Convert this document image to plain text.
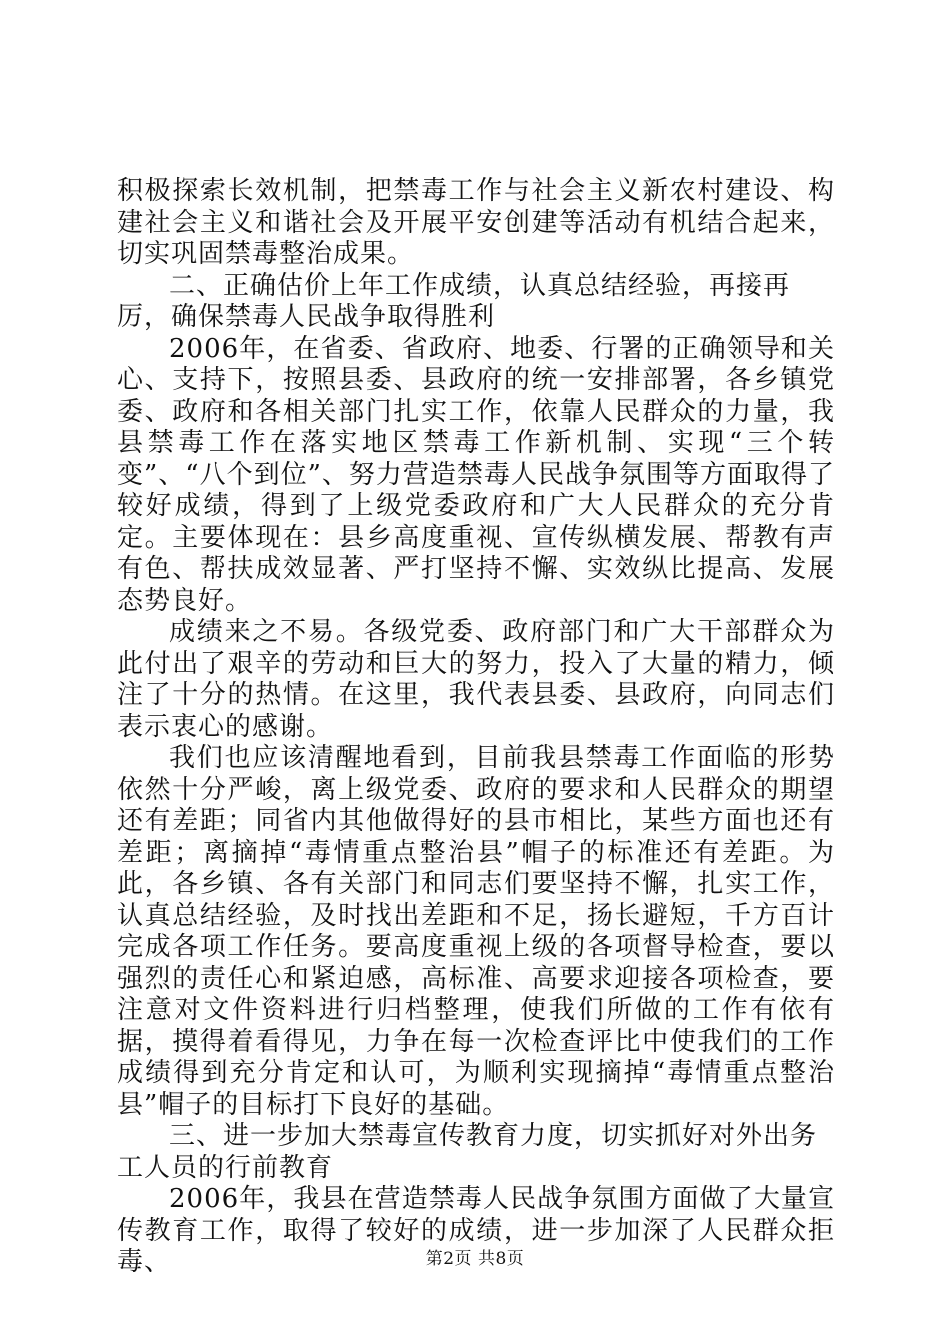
积极探索长效机制，把禁毒工作与社会主义新农村建设、构建社会主义和谐社会及开展平安创建等活动有机结合起来，切实巩固禁毒整治成果。

二、正确估价上年工作成绩，认真总结经验，再接再厉，确保禁毒人民战争取得胜利

2006年，在省委、省政府、地委、行署的正确领导和关心、支持下，按照县委、县政府的统一安排部署，各乡镇党委、政府和各相关部门扎实工作，依靠人民群众的力量，我县禁毒工作在落实地区禁毒工作新机制、实现“三个转变”、“八个到位”、努力营造禁毒人民战争氛围等方面取得了较好成绩，得到了上级党委政府和广大人民群众的充分肯定。主要体现在：县乡高度重视、宣传纵横发展、帮教有声有色、帮扶成效显著、严打坚持不懈、实效纵比提高、发展态势良好。

成绩来之不易。各级党委、政府部门和广大干部群众为此付出了艰辛的劳动和巨大的努力，投入了大量的精力，倾注了十分的热情。在这里，我代表县委、县政府，向同志们表示衷心的感谢。

我们也应该清醒地看到，目前我县禁毒工作面临的形势依然十分严峻，离上级党委、政府的要求和人民群众的期望还有差距；同省内其他做得好的县市相比，某些方面也还有差距；离摘掉“毒情重点整治县”帽子的标准还有差距。为此，各乡镇、各有关部门和同志们要坚持不懈，扎实工作，认真总结经验，及时找出差距和不足，扬长避短，千方百计完成各项工作任务。要高度重视上级的各项督导检查，要以强烈的责任心和紧迫感，高标准、高要求迎接各项检查，要注意对文件资料进行归档整理，使我们所做的工作有依有据，摸得着看得见，力争在每一次检查评比中使我们的工作成绩得到充分肯定和认可，为顺利实现摘掉“毒情重点整治县”帽子的目标打下良好的基础。

三、进一步加大禁毒宣传教育力度，切实抓好对外出务工人员的行前教育

2006年，我县在营造禁毒人民战争氛围方面做了大量宣传教育工作，取得了较好的成绩，进一步加深了人民群众拒毒、	第2页 共8页
